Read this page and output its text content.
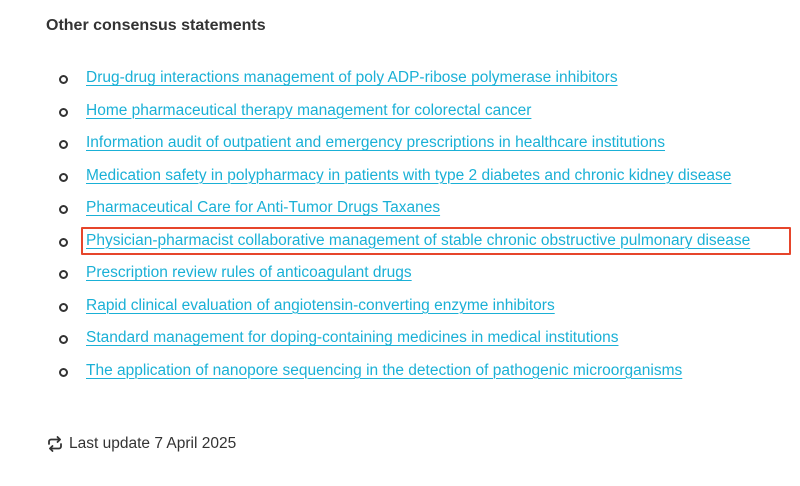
Other consensus statements
Drug-drug interactions management of poly ADP-ribose polymerase inhibitors
Home pharmaceutical therapy management for colorectal cancer
Information audit of outpatient and emergency prescriptions in healthcare institutions
Medication safety in polypharmacy in patients with type 2 diabetes and chronic kidney disease
Pharmaceutical Care for Anti-Tumor Drugs Taxanes
Physician-pharmacist collaborative management of stable chronic obstructive pulmonary disease
Prescription review rules of anticoagulant drugs
Rapid clinical evaluation of angiotensin-converting enzyme inhibitors
Standard management for doping-containing medicines in medical institutions
The application of nanopore sequencing in the detection of pathogenic microorganisms
Last update 7 April 2025
